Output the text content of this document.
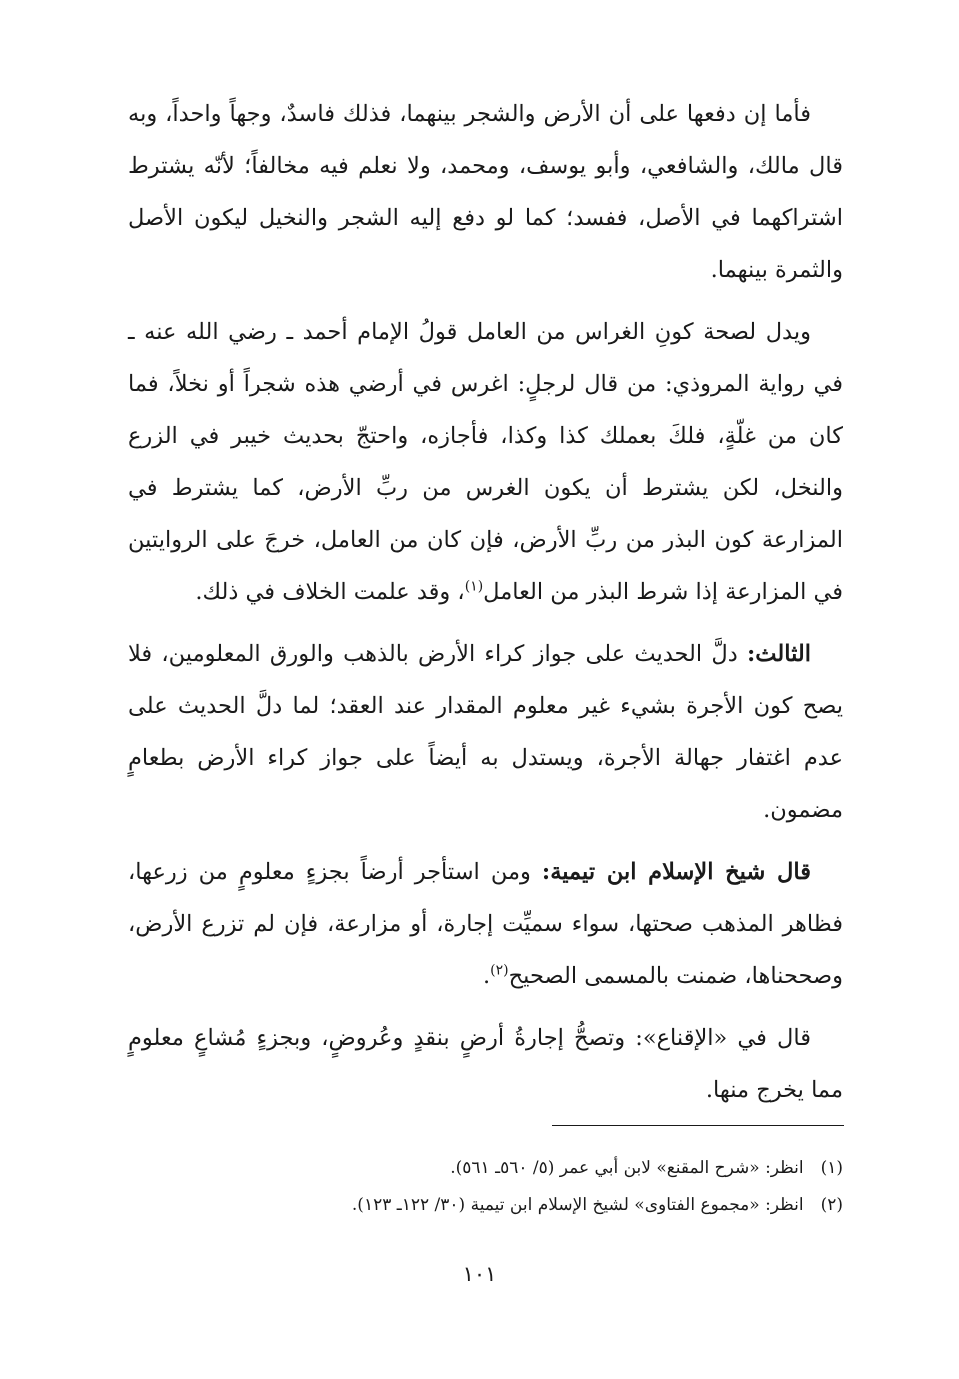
فأما إن دفعها على أن الأرض والشجر بينهما، فذلك فاسدٌ، وجهاً واحداً، وبه قال مالك، والشافعي، وأبو يوسف، ومحمد، ولا نعلم فيه مخالفاً؛ لأنّه يشترط اشتراكهما في الأصل، ففسد؛ كما لو دفع إليه الشجر والنخيل ليكون الأصل والثمرة بينهما.

ويدل لصحة كونِ الغراس من العامل قولُ الإمام أحمد ـ رضي الله عنه ـ في رواية المروذي: من قال لرجلٍ: اغرس في أرضي هذه شجراً أو نخلاً، فما كان من غلّةٍ، فلكَ بعملك كذا وكذا، فأجازه، واحتجّ بحديث خيبر في الزرع والنخل، لكن يشترط أن يكون الغرس من ربِّ الأرض، كما يشترط في المزارعة كون البذر من ربِّ الأرض، فإن كان من العامل، خرجَ على الروايتين في المزارعة إذا شرط البذر من العامل$^{(١)}$، وقد علمت الخلاف في ذلك.

الثالث: دلَّ الحديث على جواز كراء الأرض بالذهب والورق المعلومين، فلا يصح كون الأجرة بشيء غير معلوم المقدار عند العقد؛ لما دلَّ الحديث على عدم اغتفار جهالة الأجرة، ويستدل به أيضاً على جواز كراء الأرض بطعامٍ مضمون.

قال شيخ الإسلام ابن تيمية: ومن استأجر أرضاً بجزءٍ معلومٍ من زرعها، فظاهر المذهب صحتها، سواء سميِّت إجارة، أو مزارعة، فإن لم تزرع الأرض، وصححناها، ضمنت بالمسمى الصحيح$^{(٢)}$.

قال في «الإقناع»: وتصحُّ إجارةُ أرضٍ بنقدٍ وعُروضٍ، وبجزءٍ مُشاعٍ معلومٍ مما يخرج منها.

(١) انظر: «شرح المقنع» لابن أبي عمر (٥/ ٥٦٠ـ ٥٦١).

(٢) انظر: «مجموع الفتاوى» لشيخ الإسلام ابن تيمية (٣٠/ ١٢٢ـ ١٢٣).

١٠١
